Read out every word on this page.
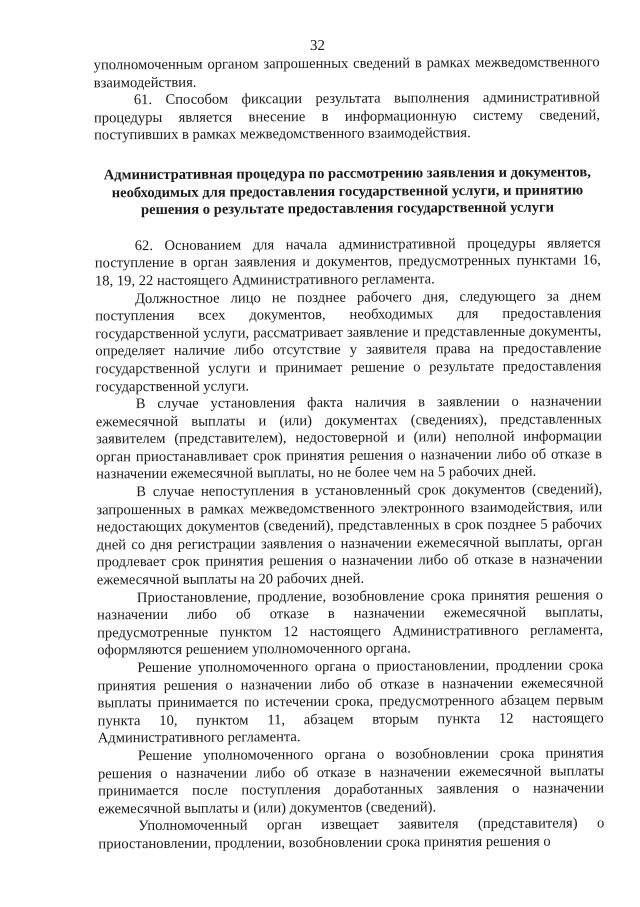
32

уполномоченным органом запрошенных сведений в рамках межведомственного взаимодействия.

61. Способом фиксации результата выполнения административной процедуры является внесение в информационную систему сведений, поступивших в рамках межведомственного взаимодействия.

Административная процедура по рассмотрению заявления и документов, необходимых для предоставления государственной услуги, и принятию решения о результате предоставления государственной услуги

62. Основанием для начала административной процедуры является поступление в орган заявления и документов, предусмотренных пунктами 16, 18, 19, 22 настоящего Административного регламента.

Должностное лицо не позднее рабочего дня, следующего за днем поступления всех документов, необходимых для предоставления государственной услуги, рассматривает заявление и представленные документы, определяет наличие либо отсутствие у заявителя права на предоставление государственной услуги и принимает решение о результате предоставления государственной услуги.

В случае установления факта наличия в заявлении о назначении ежемесячной выплаты и (или) документах (сведениях), представленных заявителем (представителем), недостоверной и (или) неполной информации орган приостанавливает срок принятия решения о назначении либо об отказе в назначении ежемесячной выплаты, но не более чем на 5 рабочих дней.

В случае непоступления в установленный срок документов (сведений), запрошенных в рамках межведомственного электронного взаимодействия, или недостающих документов (сведений), представленных в срок позднее 5 рабочих дней со дня регистрации заявления о назначении ежемесячной выплаты, орган продлевает срок принятия решения о назначении либо об отказе в назначении ежемесячной выплаты на 20 рабочих дней.

Приостановление, продление, возобновление срока принятия решения о назначении либо об отказе в назначении ежемесячной выплаты, предусмотренные пунктом 12 настоящего Административного регламента, оформляются решением уполномоченного органа.

Решение уполномоченного органа о приостановлении, продлении срока принятия решения о назначении либо об отказе в назначении ежемесячной выплаты принимается по истечении срока, предусмотренного абзацем первым пункта 10, пунктом 11, абзацем вторым пункта 12 настоящего Административного регламента.

Решение уполномоченного органа о возобновлении срока принятия решения о назначении либо об отказе в назначении ежемесячной выплаты принимается после поступления доработанных заявления о назначении ежемесячной выплаты и (или) документов (сведений).

Уполномоченный орган извещает заявителя (представителя) о приостановлении, продлении, возобновлении срока принятия решения о
